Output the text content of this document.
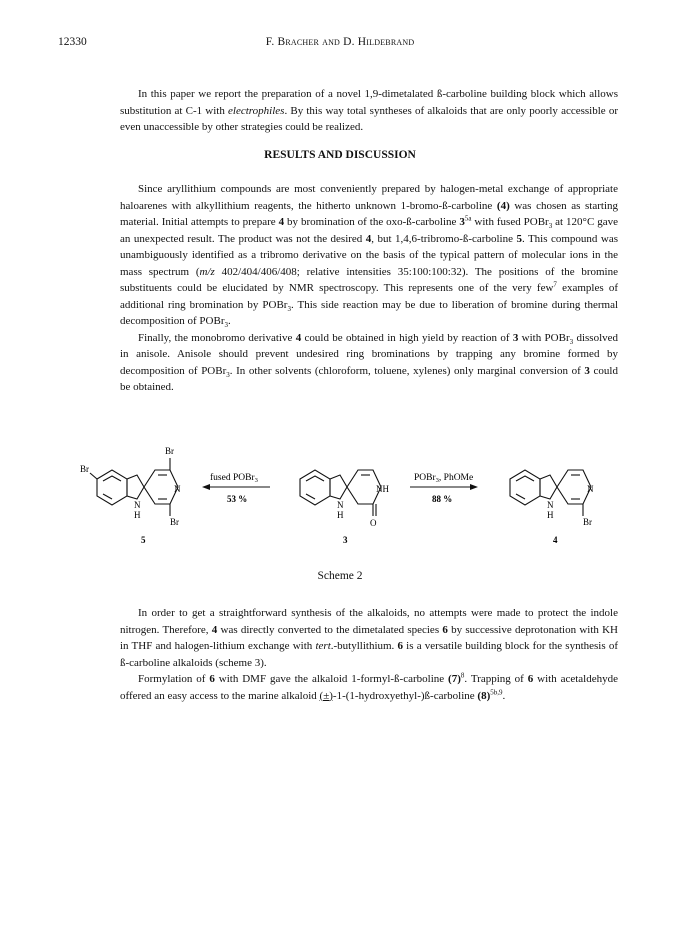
12330	F. Bracher and D. Hildebrand

In this paper we report the preparation of a novel 1,9-dimetalated ß-carboline building block which allows substitution at C-1 with electrophiles. By this way total syntheses of alkaloids that are only poorly accessible or even unaccessible by other strategies could be realized.

RESULTS AND DISCUSSION

Since aryllithium compounds are most conveniently prepared by halogen-metal exchange of appropriate haloarenes with alkyllithium reagents, the hitherto unknown 1-bromo-ß-carboline (4) was chosen as starting material. Initial attempts to prepare 4 by bromination of the oxo-ß-carboline $3^{5a}$ with fused POBr$_3$ at 120°C gave an unexpected result. The product was not the desired 4, but 1,4,6-tribromo-ß-carboline 5. This compound was unambiguously identified as a tribromo derivative on the basis of the typical pattern of molecular ions in the mass spectrum (m/z 402/404/406/408; relative intensities 35:100:100:32). The positions of the bromine substituents could be elucidated by NMR spectroscopy. This represents one of the very few$^7$ examples of additional ring bromination by POBr$_3$. This side reaction may be due to liberation of bromine during thermal decomposition of POBr$_3$.

Finally, the monobromo derivative 4 could be obtained in high yield by reaction of 3 with POBr$_3$ dissolved in anisole. Anisole should prevent undesired ring brominations by trapping any bromine formed by decomposition of POBr$_3$. In other solvents (chloroform, toluene, xylenes) only marginal conversion of 3 could be obtained.

Br
Br
Br
N
N
H
5
NH
N
H
O
3
N
N
H
Br
4
fused POBr$_3$
53 %
POBr$_3$, PhOMe
88 %
Scheme 2

In order to get a straightforward synthesis of the alkaloids, no attempts were made to protect the indole nitrogen. Therefore, 4 was directly converted to the dimetalated species 6 by successive deprotonation with KH in THF and halogen-lithium exchange with tert.-butyllithium. 6 is a versatile building block for the synthesis of ß-carboline alkaloids (scheme 3).

Formylation of 6 with DMF gave the alkaloid 1-formyl-ß-carboline $(7)^8$. Trapping of 6 with acetaldehyde offered an easy access to the marine alkaloid (±)-1-(1-hydroxyethyl-)ß-carboline $(8)^{5b,9}$.
